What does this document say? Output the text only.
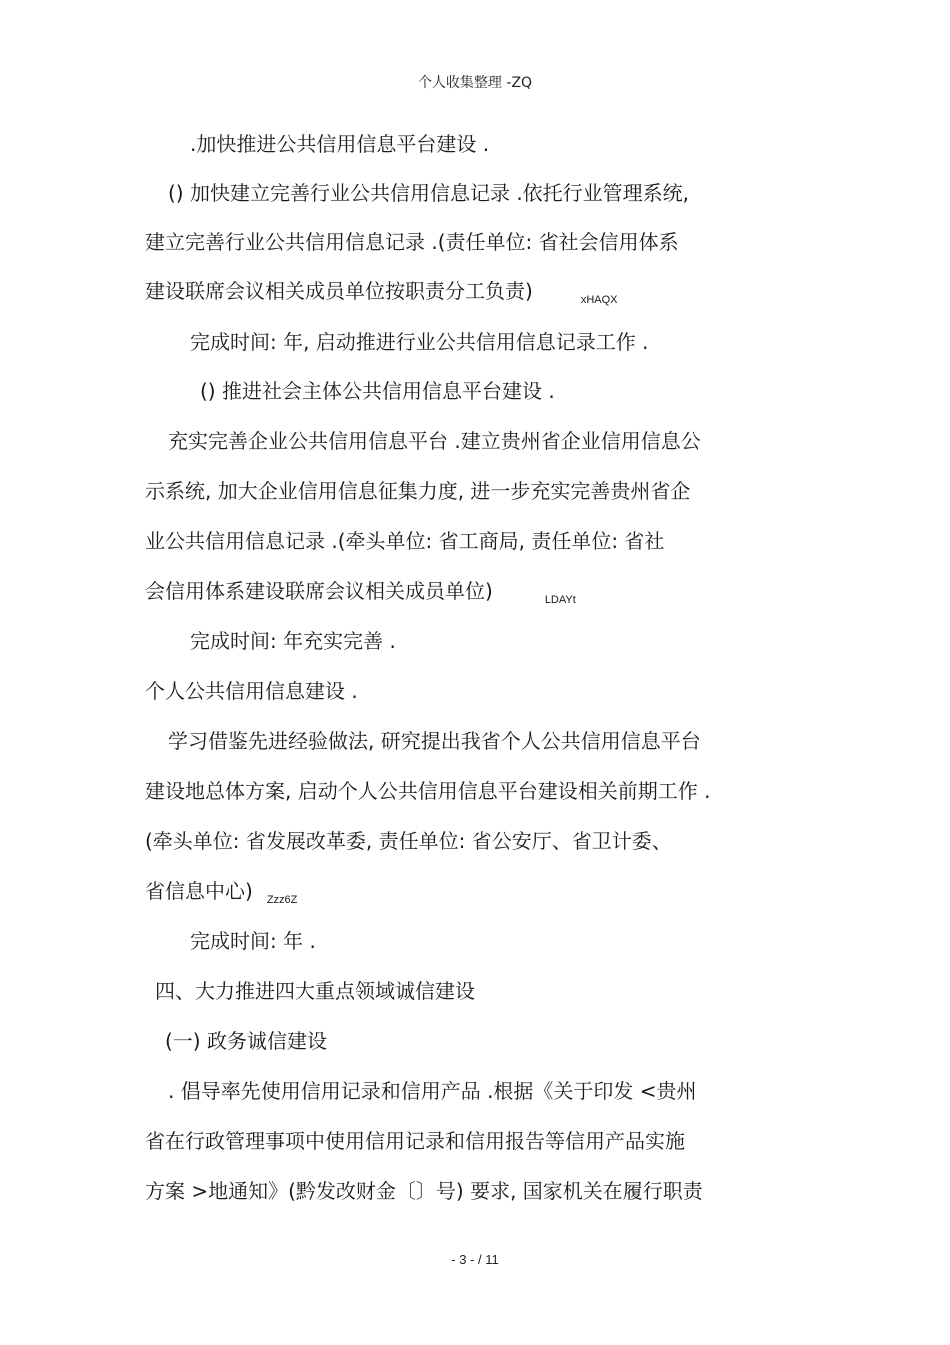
个人收集整理 -ZQ
.加快推进公共信用信息平台建设 .
() 加快建立完善行业公共信用信息记录 .依托行业管理系统,
建立完善行业公共信用信息记录 .(责任单位: 省社会信用体系
建设联席会议相关成员单位按职责分工负责)	$_{xHAQX}$
完成时间: 年, 启动推进行业公共信用信息记录工作 .
() 推进社会主体公共信用信息平台建设 .
充实完善企业公共信用信息平台 .建立贵州省企业信用信息公
示系统, 加大企业信用信息征集力度, 进一步充实完善贵州省企
业公共信用信息记录 .(牵头单位: 省工商局, 责任单位: 省社
会信用体系建设联席会议相关成员单位)	$_{LDAYt}$
完成时间: 年充实完善 .
个人公共信用信息建设 .
学习借鉴先进经验做法, 研究提出我省个人公共信用信息平台
建设地总体方案, 启动个人公共信用信息平台建设相关前期工作 .
(牵头单位: 省发展改革委, 责任单位: 省公安厅、省卫计委、
省信息中心) $_{Zzz6Z}$
完成时间: 年 .
四、大力推进四大重点领域诚信建设
(一) 政务诚信建设
. 倡导率先使用信用记录和信用产品 .根据《关于印发 <贵州
省在行政管理事项中使用信用记录和信用报告等信用产品实施
方案 >地通知》(黔发改财金〔〕号) 要求, 国家机关在履行职责
- 3 - / 11
